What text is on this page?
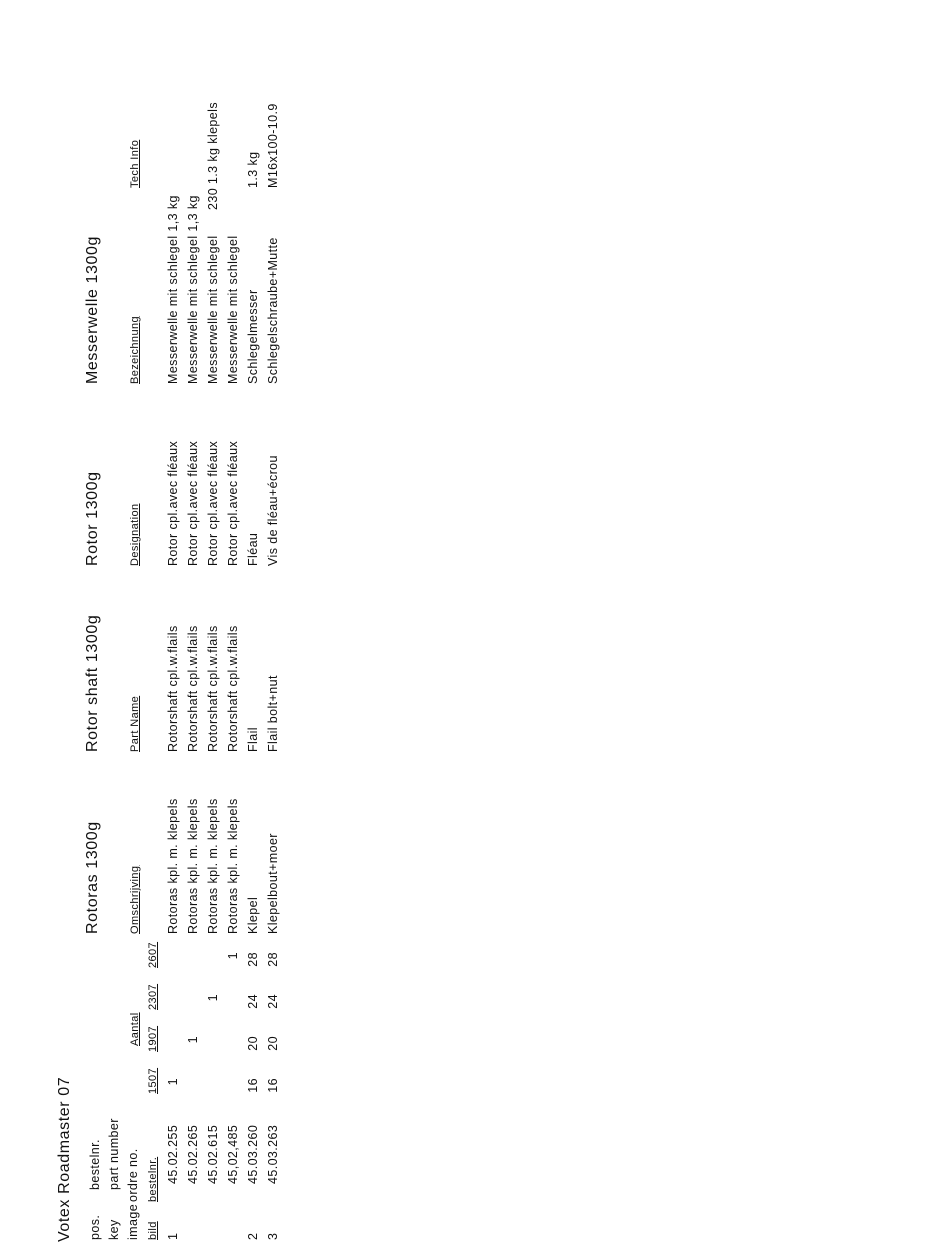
Votex Roadmaster 07 pos.
bestelnr.
key
part number
image
ordre no.
Rotoras 1300g
Rotor shaft 1300g
Rotor 1300g
Messerwelle 1300g
Aantal
bild
bestelnr.
1507
1907
2307
2607
Omschrijving
Part Name
Designation
Bezeichnung
Tech Info
1
45.02.255
1
Rotoras kpl. m. klepels
Rotorshaft cpl.w.flails
Rotor cpl.avec fléaux
Messerwelle mit schlegel 1,3 kg
45.02.265
1
Rotoras kpl. m. klepels
Rotorshaft cpl.w.flails
Rotor cpl.avec fléaux
Messerwelle mit schlegel 1,3 kg
45.02.615
1
Rotoras kpl. m. klepels
Rotorshaft cpl.w.flails
Rotor cpl.avec fléaux
Messerwelle mit schlegel
230 1.3 kg klepels
45,02,485
1
Rotoras kpl. m. klepels
Rotorshaft cpl.w.flails
Rotor cpl.avec fléaux
Messerwelle mit schlegel
2
45.03.260
16
20
24
28
Klepel
Flail
Fléau
Schlegelmesser
1.3 kg
3
45.03.263
16
20
24
28
Klepelbout+moer
Flail bolt+nut
Vis de fléau+écrou
Schlegelschraube+Mutte
M16x100-10.9
